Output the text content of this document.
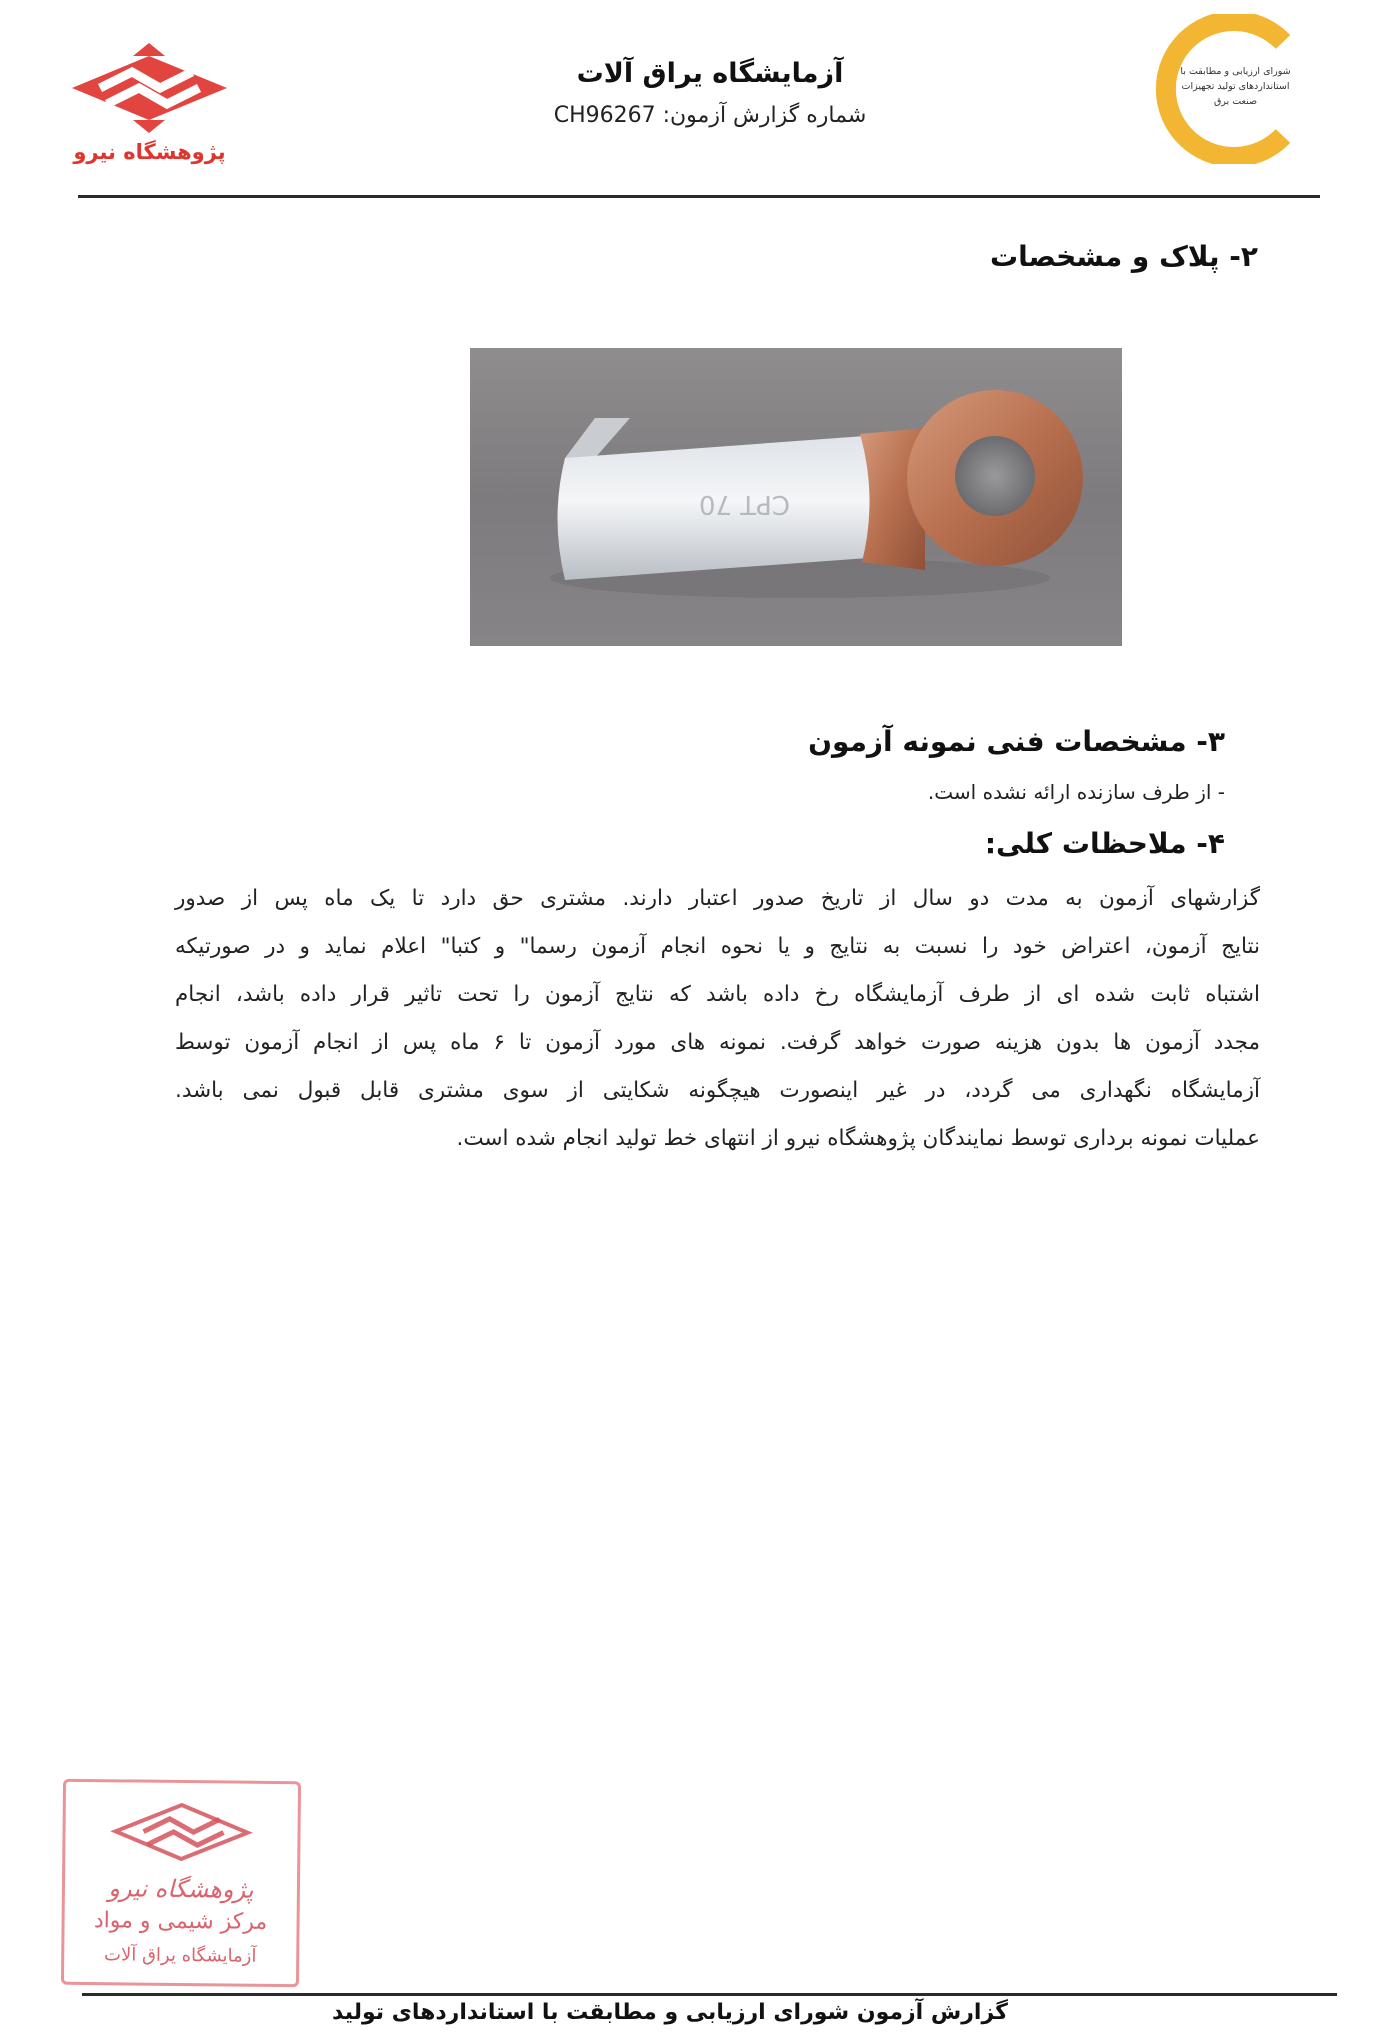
پژوهشگاه نیرو
آزمایشگاه یراق آلات
شماره گزارش آزمون: CH96267
شورای ارزیابی و مطابقت با
استانداردهای تولید تجهیزات
صنعت برق
۲- پلاک و مشخصات
CPT 70
۳- مشخصات فنی نمونه آزمون
- از طرف سازنده ارائه نشده است.
۴- ملاحظات کلی:
گزارشهای آزمون به مدت دو سال از تاریخ صدور اعتبار دارند. مشتری حق دارد تا یک ماه پس از صدور
نتایج آزمون، اعتراض خود را نسبت به نتایج و یا نحوه انجام آزمون رسما" و کتبا" اعلام نماید و در صورتیکه
اشتباه ثابت شده ای از طرف آزمایشگاه رخ داده باشد که نتایج آزمون را تحت تاثیر قرار داده باشد، انجام
مجدد آزمون ها بدون هزینه صورت خواهد گرفت. نمونه های مورد آزمون تا ۶ ماه پس از انجام آزمون توسط
آزمایشگاه نگهداری می گردد، در غیر اینصورت هیچگونه شکایتی از سوی مشتری قابل قبول نمی باشد.
عملیات نمونه برداری توسط نمایندگان پژوهشگاه نیرو از انتهای خط تولید انجام شده است.
پژوهشگاه نیرو
مرکز شیمی و مواد
آزمایشگاه یراق آلات
گزارش آزمون شورای ارزیابی و مطابقت با استانداردهای تولید
